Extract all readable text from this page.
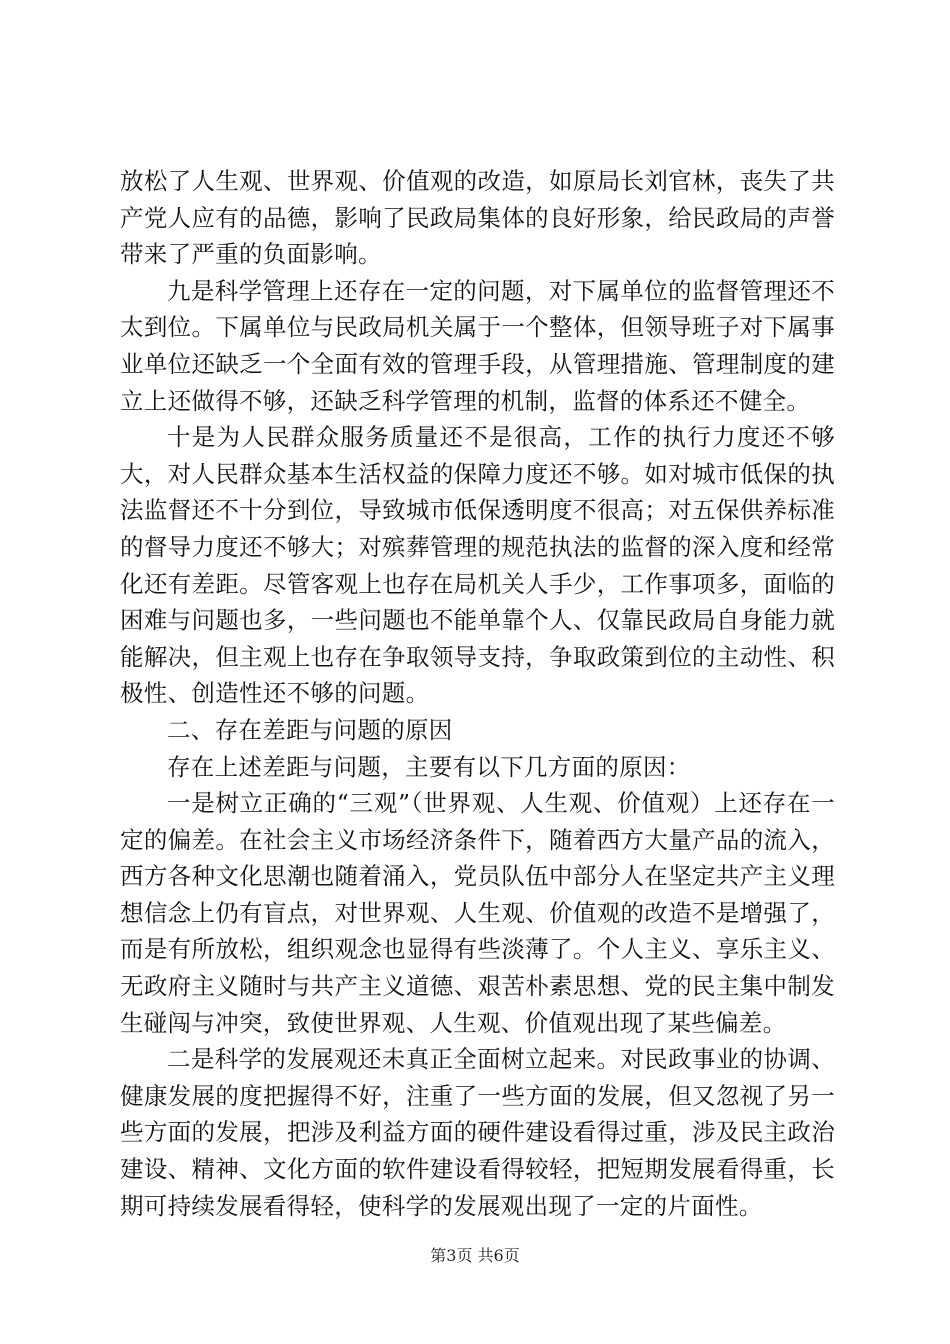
放松了人生观、世界观、价值观的改造，如原局长刘官林，丧失了共产党人应有的品德，影响了民政局集体的良好形象，给民政局的声誉带来了严重的负面影响。

九是科学管理上还存在一定的问题，对下属单位的监督管理还不太到位。下属单位与民政局机关属于一个整体，但领导班子对下属事业单位还缺乏一个全面有效的管理手段，从管理措施、管理制度的建立上还做得不够，还缺乏科学管理的机制，监督的体系还不健全。

十是为人民群众服务质量还不是很高，工作的执行力度还不够大，对人民群众基本生活权益的保障力度还不够。如对城市低保的执法监督还不十分到位，导致城市低保透明度不很高；对五保供养标准的督导力度还不够大；对殡葬管理的规范执法的监督的深入度和经常化还有差距。尽管客观上也存在局机关人手少，工作事项多，面临的困难与问题也多，一些问题也不能单靠个人、仅靠民政局自身能力就能解决，但主观上也存在争取领导支持，争取政策到位的主动性、积极性、创造性还不够的问题。

二、存在差距与问题的原因

存在上述差距与问题，主要有以下几方面的原因：

一是树立正确的“三观”（世界观、人生观、价值观）上还存在一定的偏差。在社会主义市场经济条件下，随着西方大量产品的流入，西方各种文化思潮也随着涌入，党员队伍中部分人在坚定共产主义理想信念上仍有盲点，对世界观、人生观、价值观的改造不是增强了，而是有所放松，组织观念也显得有些淡薄了。个人主义、享乐主义、无政府主义随时与共产主义道德、艰苦朴素思想、党的民主集中制发生碰闯与冲突，致使世界观、人生观、价值观出现了某些偏差。

二是科学的发展观还未真正全面树立起来。对民政事业的协调、健康发展的度把握得不好，注重了一些方面的发展，但又忽视了另一些方面的发展，把涉及利益方面的硬件建设看得过重，涉及民主政治建设、精神、文化方面的软件建设看得较轻，把短期发展看得重，长期可持续发展看得轻，使科学的发展观出现了一定的片面性。

第3页 共6页
